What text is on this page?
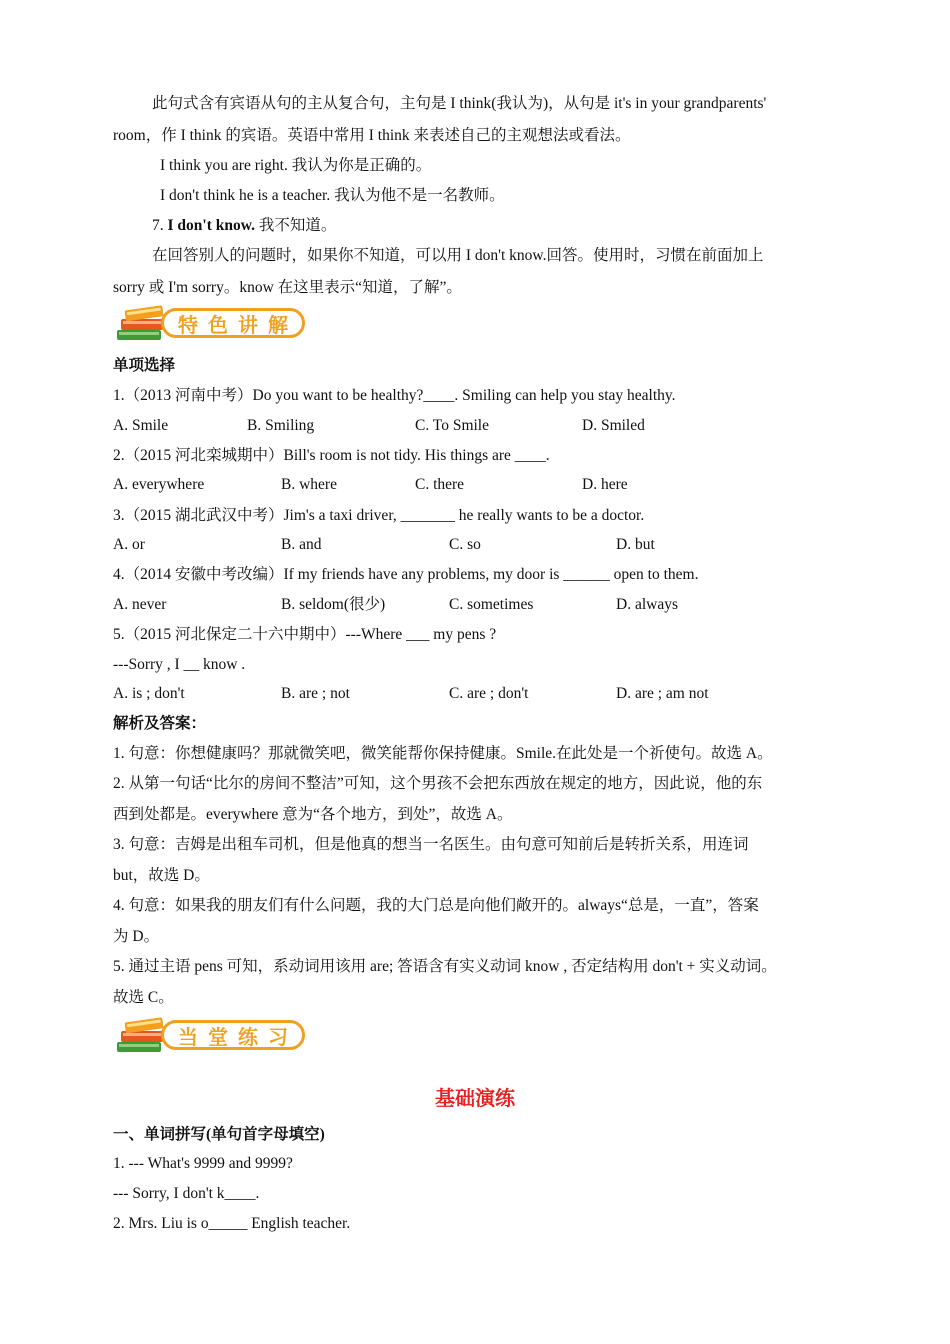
此句式含有宾语从句的主从复合句，主句是 I think(我认为)，从句是 it's in your grandparents'
room，作 I think 的宾语。英语中常用 I think 来表述自己的主观想法或看法。
I think you are right. 我认为你是正确的。
I don't think he is a teacher. 我认为他不是一名教师。
7. I don't know. 我不知道。
在回答别人的问题时，如果你不知道，可以用 I don't know.回答。使用时，习惯在前面加上
sorry 或 I'm sorry。know 在这里表示“知道，了解”。
特色讲解
单项选择
1.（2013 河南中考）Do you want to be healthy?____. Smiling can help you stay healthy.
A. Smile	B. Smiling	C. To Smile	D. Smiled
2.（2015 河北栾城期中）Bill's room is not tidy. His things are ____.
A. everywhere	B. where	C. there	D. here
3.（2015 湖北武汉中考）Jim's a taxi driver, _______ he really wants to be a doctor.
A. or	B. and	C. so	D. but
4.（2014 安徽中考改编）If my friends have any problems, my door is ______ open to them.
A. never	B. seldom(很少)	C. sometimes	D. always
5.（2015 河北保定二十六中期中）---Where ___ my pens ?
---Sorry , I __ know .
A. is ; don't	B. are ; not	C. are ; don't	D. are ; am not
解析及答案：
1. 句意：你想健康吗？那就微笑吧，微笑能帮你保持健康。Smile.在此处是一个祈使句。故选 A。
2. 从第一句话“比尔的房间不整洁”可知，这个男孩不会把东西放在规定的地方，因此说，他的东
西到处都是。everywhere 意为“各个地方，到处”，故选 A。
3. 句意：吉姆是出租车司机，但是他真的想当一名医生。由句意可知前后是转折关系，用连词
but，故选 D。
4. 句意：如果我的朋友们有什么问题，我的大门总是向他们敞开的。always“总是，一直”，答案
为 D。
5. 通过主语 pens 可知，系动词用该用 are; 答语含有实义动词 know , 否定结构用 don't + 实义动词。
故选 C。
当堂练习
基础演练
一、单词拼写(单句首字母填空)
1. --- What's 9999 and 9999?
--- Sorry, I don't k____.
2. Mrs. Liu is o_____ English teacher.
